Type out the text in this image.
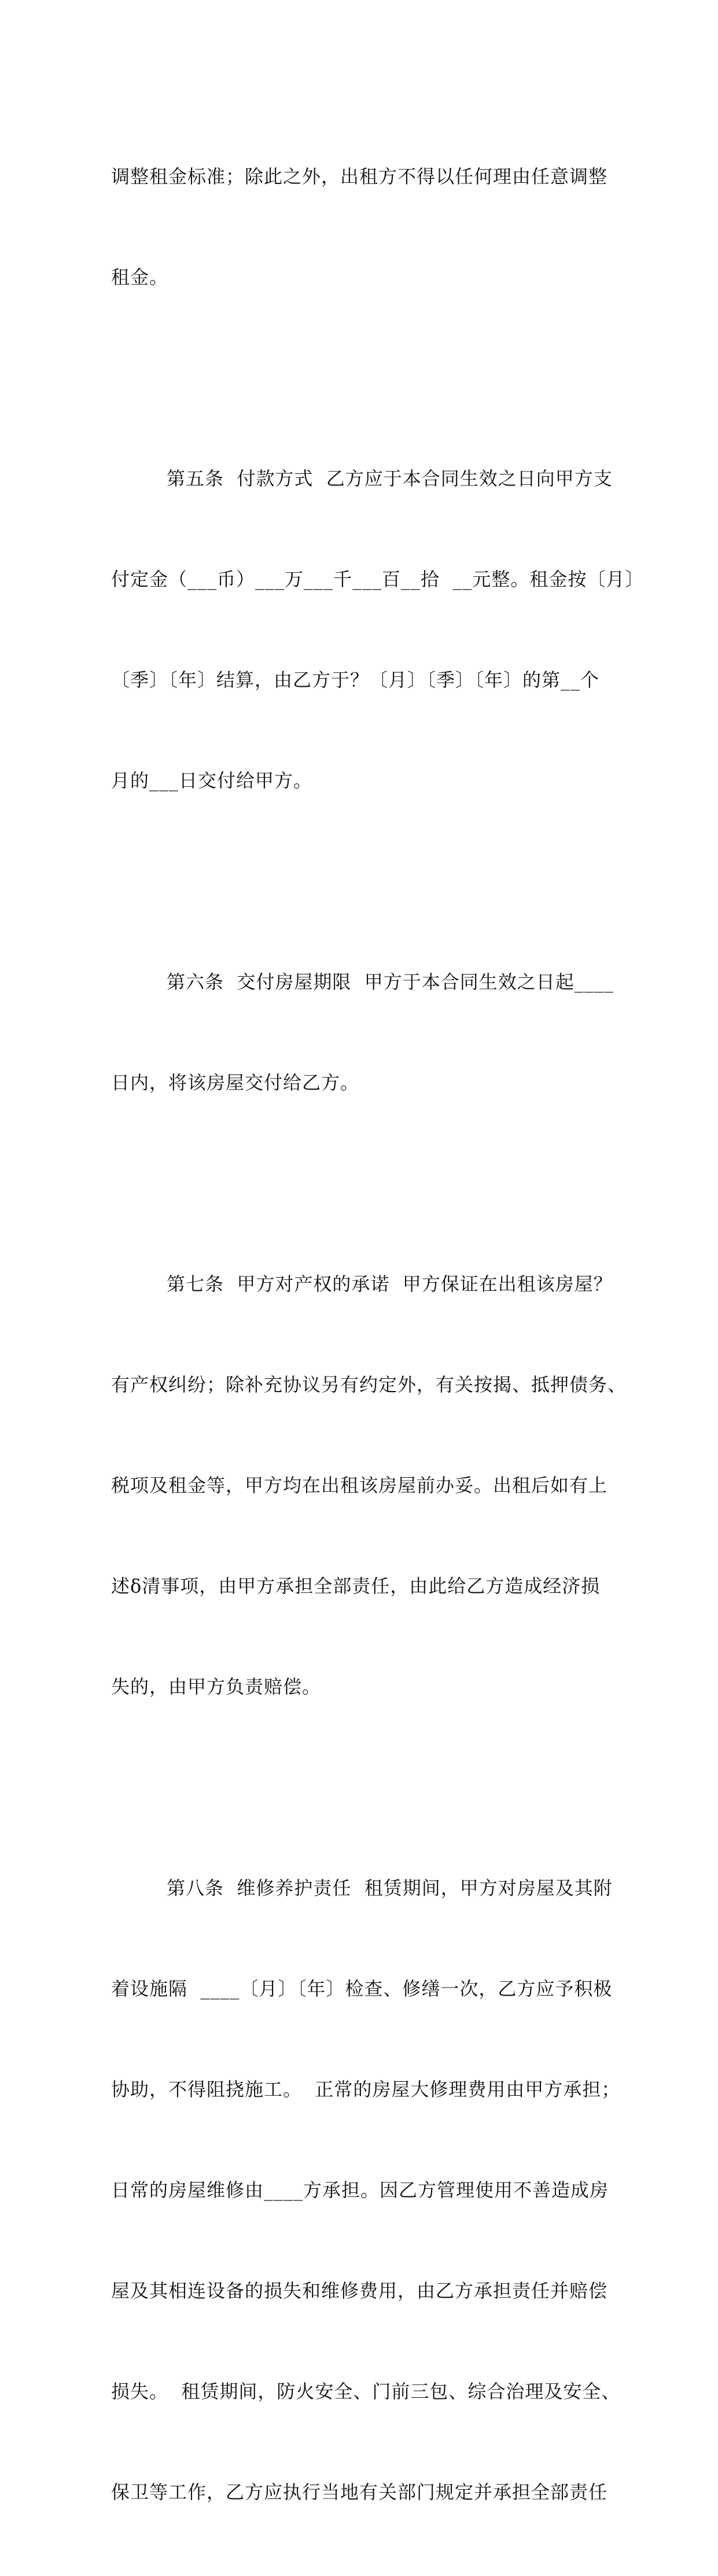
调整租金标准；除此之外，出租方不得以任何理由任意调整

租金。

第五条  付款方式  乙方应于本合同生效之日向甲方支

付定金（___币）___万___千___百__拾  __元整。租金按〔月〕

〔季〕〔年〕结算，由乙方于？〔月〕〔季〕〔年〕的第__个

月的___日交付给甲方。

第六条  交付房屋期限  甲方于本合同生效之日起____

日内，将该房屋交付给乙方。

第七条  甲方对产权的承诺  甲方保证在出租该房屋？

有产权纠纷；除补充协议另有约定外，有关按揭、抵押债务、

税项及租金等，甲方均在出租该房屋前办妥。出租后如有上

述δ清事项，由甲方承担全部责任，由此给乙方造成经济损

失的，由甲方负责赔偿。

第八条  维修养护责任  租赁期间，甲方对房屋及其附

着设施隔  ____〔月〕〔年〕检查、修缮一次，乙方应予积极

协助，不得阻挠施工。  正常的房屋大修理费用由甲方承担；

日常的房屋维修由____方承担。因乙方管理使用不善造成房

屋及其相连设备的损失和维修费用，由乙方承担责任并赔偿

损失。  租赁期间，防火安全、门前三包、综合治理及安全、

保卫等工作，乙方应执行当地有关部门规定并承担全部责任
